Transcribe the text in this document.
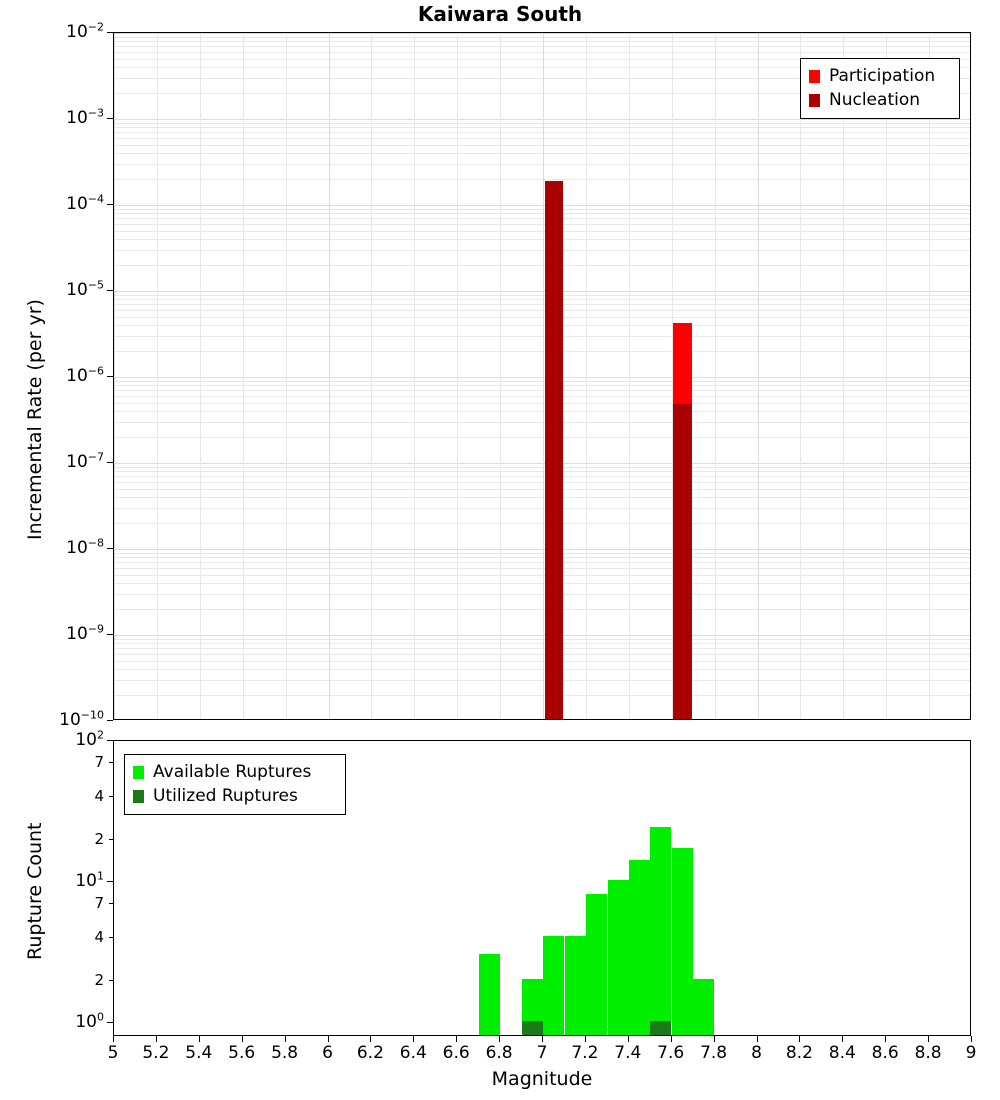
Kaiwara South
Incremental Rate (per yr)
Rupture Count
Magnitude
$10^{-10}$
$10^{-9}$
$10^{-8}$
$10^{-7}$
$10^{-6}$
$10^{-5}$
$10^{-4}$
$10^{-3}$
$10^{-2}$
$10^0$
2
4
7
$10^1$
2
4
7
$10^2$
5 5.2 5.4 5.6 5.8 6 6.2 6.4 6.6 6.8 7 7.2 7.4 7.6 7.8 8 8.2 8.4 8.6 8.8 9
Participation
Nucleation
Available Ruptures
Utilized Ruptures
